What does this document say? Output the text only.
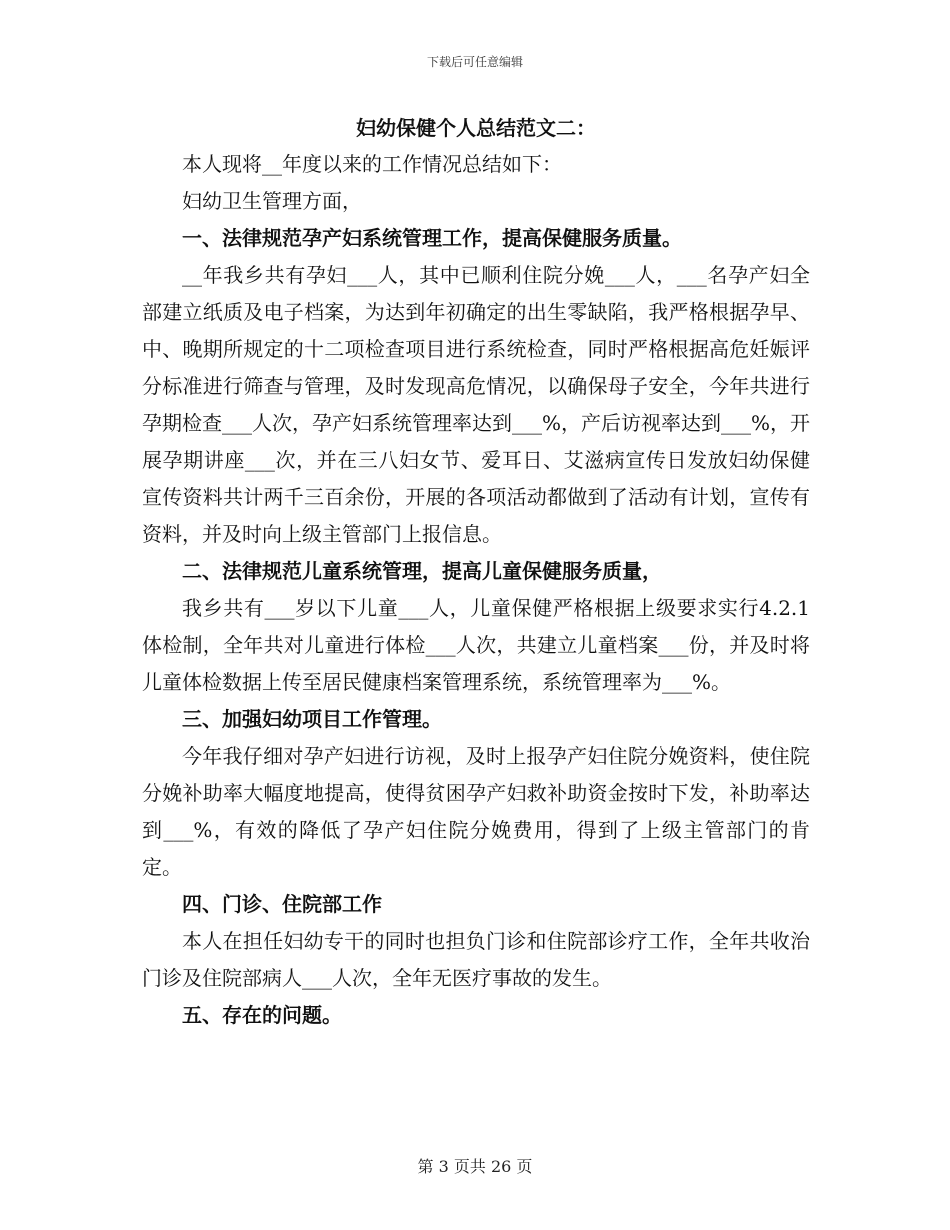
下载后可任意编辑
妇幼保健个人总结范文二：

本人现将__年度以来的工作情况总结如下：

妇幼卫生管理方面，

一、法律规范孕产妇系统管理工作，提高保健服务质量。

__年我乡共有孕妇___人，其中已顺利住院分娩___人，___名孕产妇全部建立纸质及电子档案，为达到年初确定的出生零缺陷，我严格根据孕早、中、晚期所规定的十二项检查项目进行系统检查，同时严格根据高危妊娠评分标准进行筛查与管理，及时发现高危情况，以确保母子安全，今年共进行孕期检查___人次，孕产妇系统管理率达到___%，产后访视率达到___%，开展孕期讲座___次，并在三八妇女节、爱耳日、艾滋病宣传日发放妇幼保健宣传资料共计两千三百余份，开展的各项活动都做到了活动有计划，宣传有资料，并及时向上级主管部门上报信息。

二、法律规范儿童系统管理，提高儿童保健服务质量，

我乡共有___岁以下儿童___人，儿童保健严格根据上级要求实行4.2.1体检制，全年共对儿童进行体检___人次，共建立儿童档案___份，并及时将儿童体检数据上传至居民健康档案管理系统，系统管理率为___%。

三、加强妇幼项目工作管理。

今年我仔细对孕产妇进行访视，及时上报孕产妇住院分娩资料，使住院分娩补助率大幅度地提高，使得贫困孕产妇救补助资金按时下发，补助率达到___%，有效的降低了孕产妇住院分娩费用，得到了上级主管部门的肯定。

四、门诊、住院部工作

本人在担任妇幼专干的同时也担负门诊和住院部诊疗工作，全年共收治门诊及住院部病人___人次，全年无医疗事故的发生。

五、存在的问题。

第 3 页共 26 页
